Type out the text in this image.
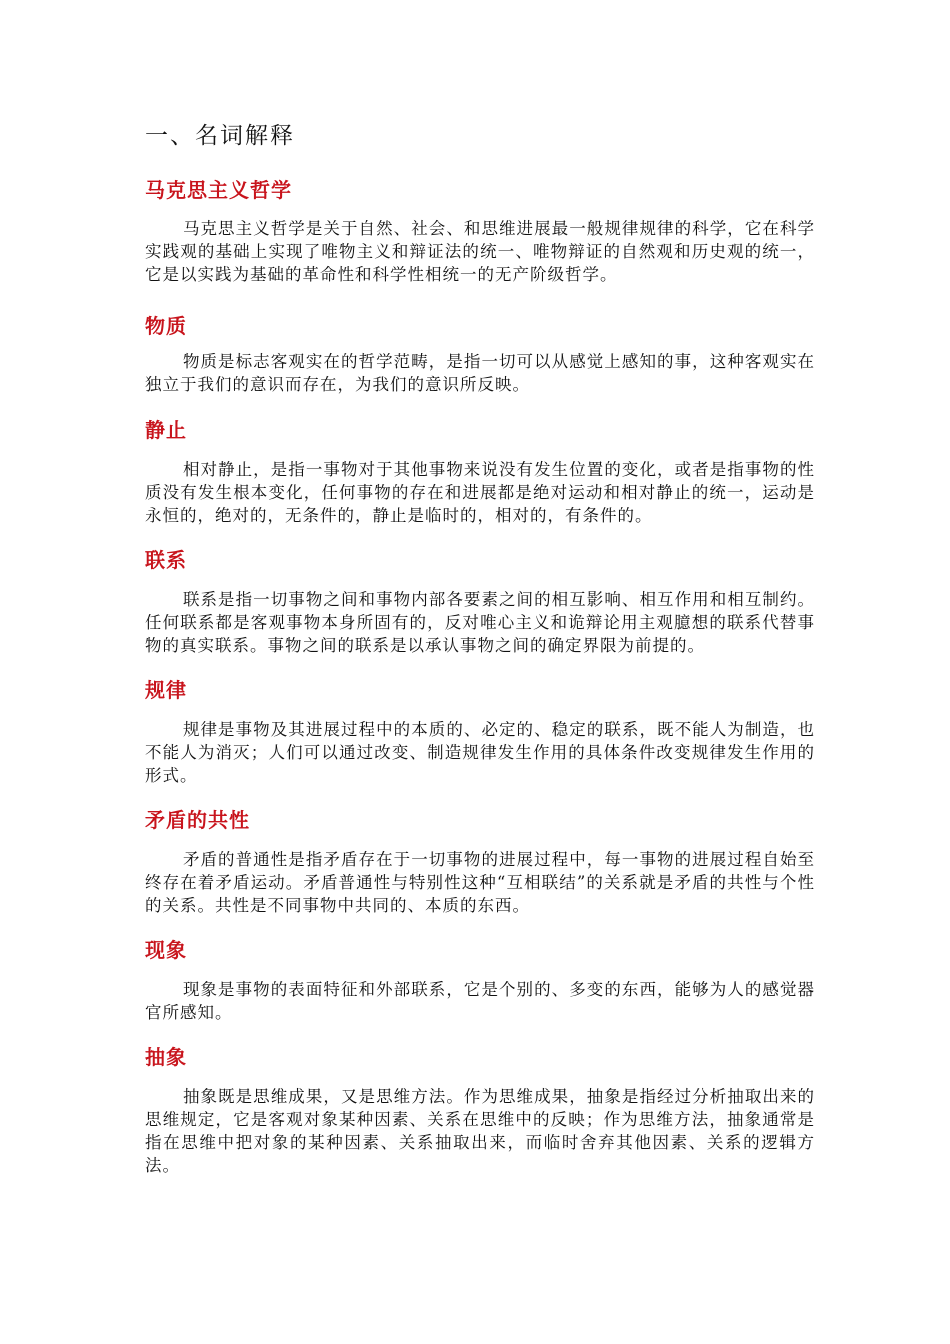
一、名词解释
马克思主义哲学

马克思主义哲学是关于自然、社会、和思维进展最一般规律规律的科学，它在科学实践观的基础上实现了唯物主义和辩证法的统一、唯物辩证的自然观和历史观的统一，它是以实践为基础的革命性和科学性相统一的无产阶级哲学。

物质

物质是标志客观实在的哲学范畴，是指一切可以从感觉上感知的事，这种客观实在独立于我们的意识而存在，为我们的意识所反映。

静止

相对静止，是指一事物对于其他事物来说没有发生位置的变化，或者是指事物的性质没有发生根本变化，任何事物的存在和进展都是绝对运动和相对静止的统一，运动是永恒的，绝对的，无条件的，静止是临时的，相对的，有条件的。

联系

联系是指一切事物之间和事物内部各要素之间的相互影响、相互作用和相互制约。任何联系都是客观事物本身所固有的，反对唯心主义和诡辩论用主观臆想的联系代替事物的真实联系。事物之间的联系是以承认事物之间的确定界限为前提的。

规律

规律是事物及其进展过程中的本质的、必定的、稳定的联系，既不能人为制造，也不能人为消灭；人们可以通过改变、制造规律发生作用的具体条件改变规律发生作用的形式。

矛盾的共性

矛盾的普通性是指矛盾存在于一切事物的进展过程中，每一事物的进展过程自始至终存在着矛盾运动。矛盾普通性与特别性这种“互相联结”的关系就是矛盾的共性与个性的关系。共性是不同事物中共同的、本质的东西。

现象

现象是事物的表面特征和外部联系，它是个别的、多变的东西，能够为人的感觉器官所感知。

抽象

抽象既是思维成果，又是思维方法。作为思维成果，抽象是指经过分析抽取出来的思维规定，它是客观对象某种因素、关系在思维中的反映；作为思维方法，抽象通常是指在思维中把对象的某种因素、关系抽取出来，而临时舍弃其他因素、关系的逻辑方法。
